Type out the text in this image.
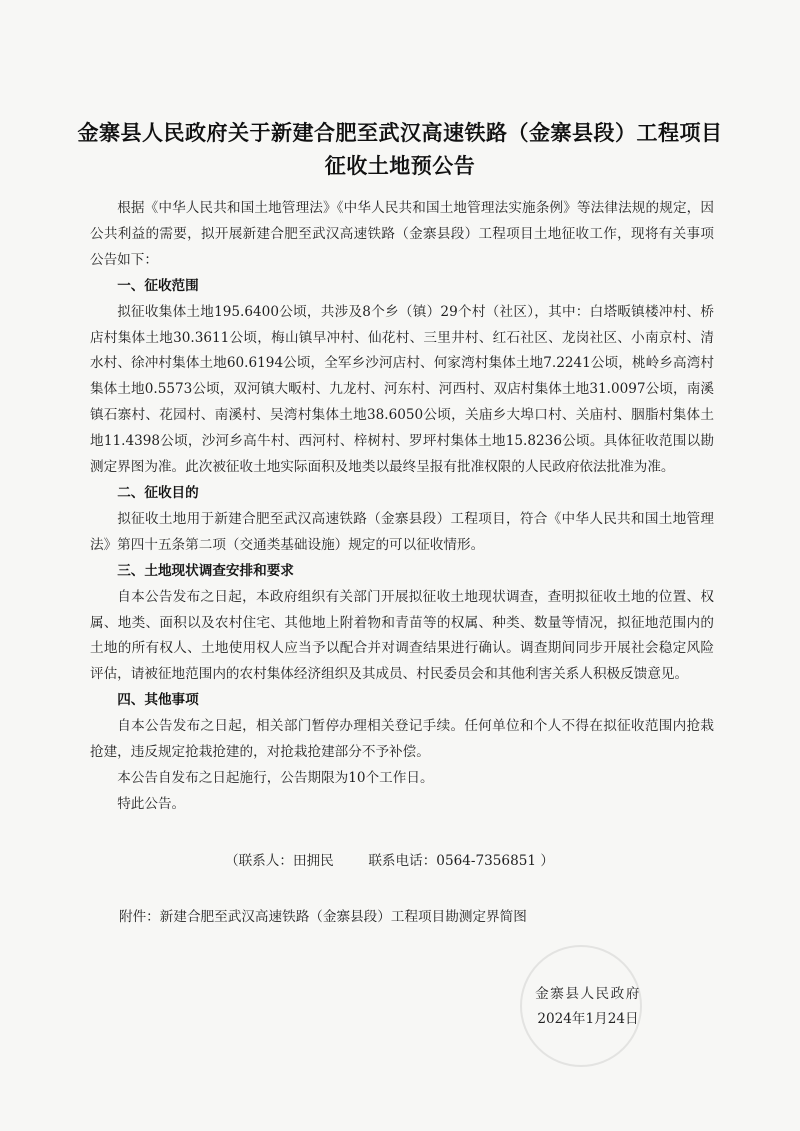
金寨县人民政府关于新建合肥至武汉高速铁路（金寨县段）工程项目
征收土地预公告

根据《中华人民共和国土地管理法》《中华人民共和国土地管理法实施条例》等法律法规的规定，因公共利益的需要，拟开展新建合肥至武汉高速铁路（金寨县段）工程项目土地征收工作，现将有关事项公告如下：

一、征收范围

拟征收集体土地195.6400公顷，共涉及8个乡（镇）29个村（社区），其中：白塔畈镇楼冲村、桥店村集体土地30.3611公顷，梅山镇早冲村、仙花村、三里井村、红石社区、龙岗社区、小南京村、清水村、徐冲村集体土地60.6194公顷，全军乡沙河店村、何家湾村集体土地7.2241公顷，桃岭乡高湾村集体土地0.5573公顷，双河镇大畈村、九龙村、河东村、河西村、双店村集体土地31.0097公顷，南溪镇石寨村、花园村、南溪村、吴湾村集体土地38.6050公顷，关庙乡大埠口村、关庙村、胭脂村集体土地11.4398公顷，沙河乡高牛村、西河村、梓树村、罗坪村集体土地15.8236公顷。具体征收范围以勘测定界图为准。此次被征收土地实际面积及地类以最终呈报有批准权限的人民政府依法批准为准。

二、征收目的

拟征收土地用于新建合肥至武汉高速铁路（金寨县段）工程项目，符合《中华人民共和国土地管理法》第四十五条第二项（交通类基础设施）规定的可以征收情形。

三、土地现状调查安排和要求

自本公告发布之日起，本政府组织有关部门开展拟征收土地现状调查，查明拟征收土地的位置、权属、地类、面积以及农村住宅、其他地上附着物和青苗等的权属、种类、数量等情况，拟征地范围内的土地的所有权人、土地使用权人应当予以配合并对调查结果进行确认。调查期间同步开展社会稳定风险评估，请被征地范围内的农村集体经济组织及其成员、村民委员会和其他利害关系人积极反馈意见。

四、其他事项

自本公告发布之日起，相关部门暂停办理相关登记手续。任何单位和个人不得在拟征收范围内抢栽抢建，违反规定抢栽抢建的，对抢栽抢建部分不予补偿。

本公告自发布之日起施行，公告期限为10个工作日。

特此公告。

（联系人：田拥民	联系电话：0564-7356851 ）
附件：新建合肥至武汉高速铁路（金寨县段）工程项目勘测定界简图
金寨县人民政府
2024年1月24日
